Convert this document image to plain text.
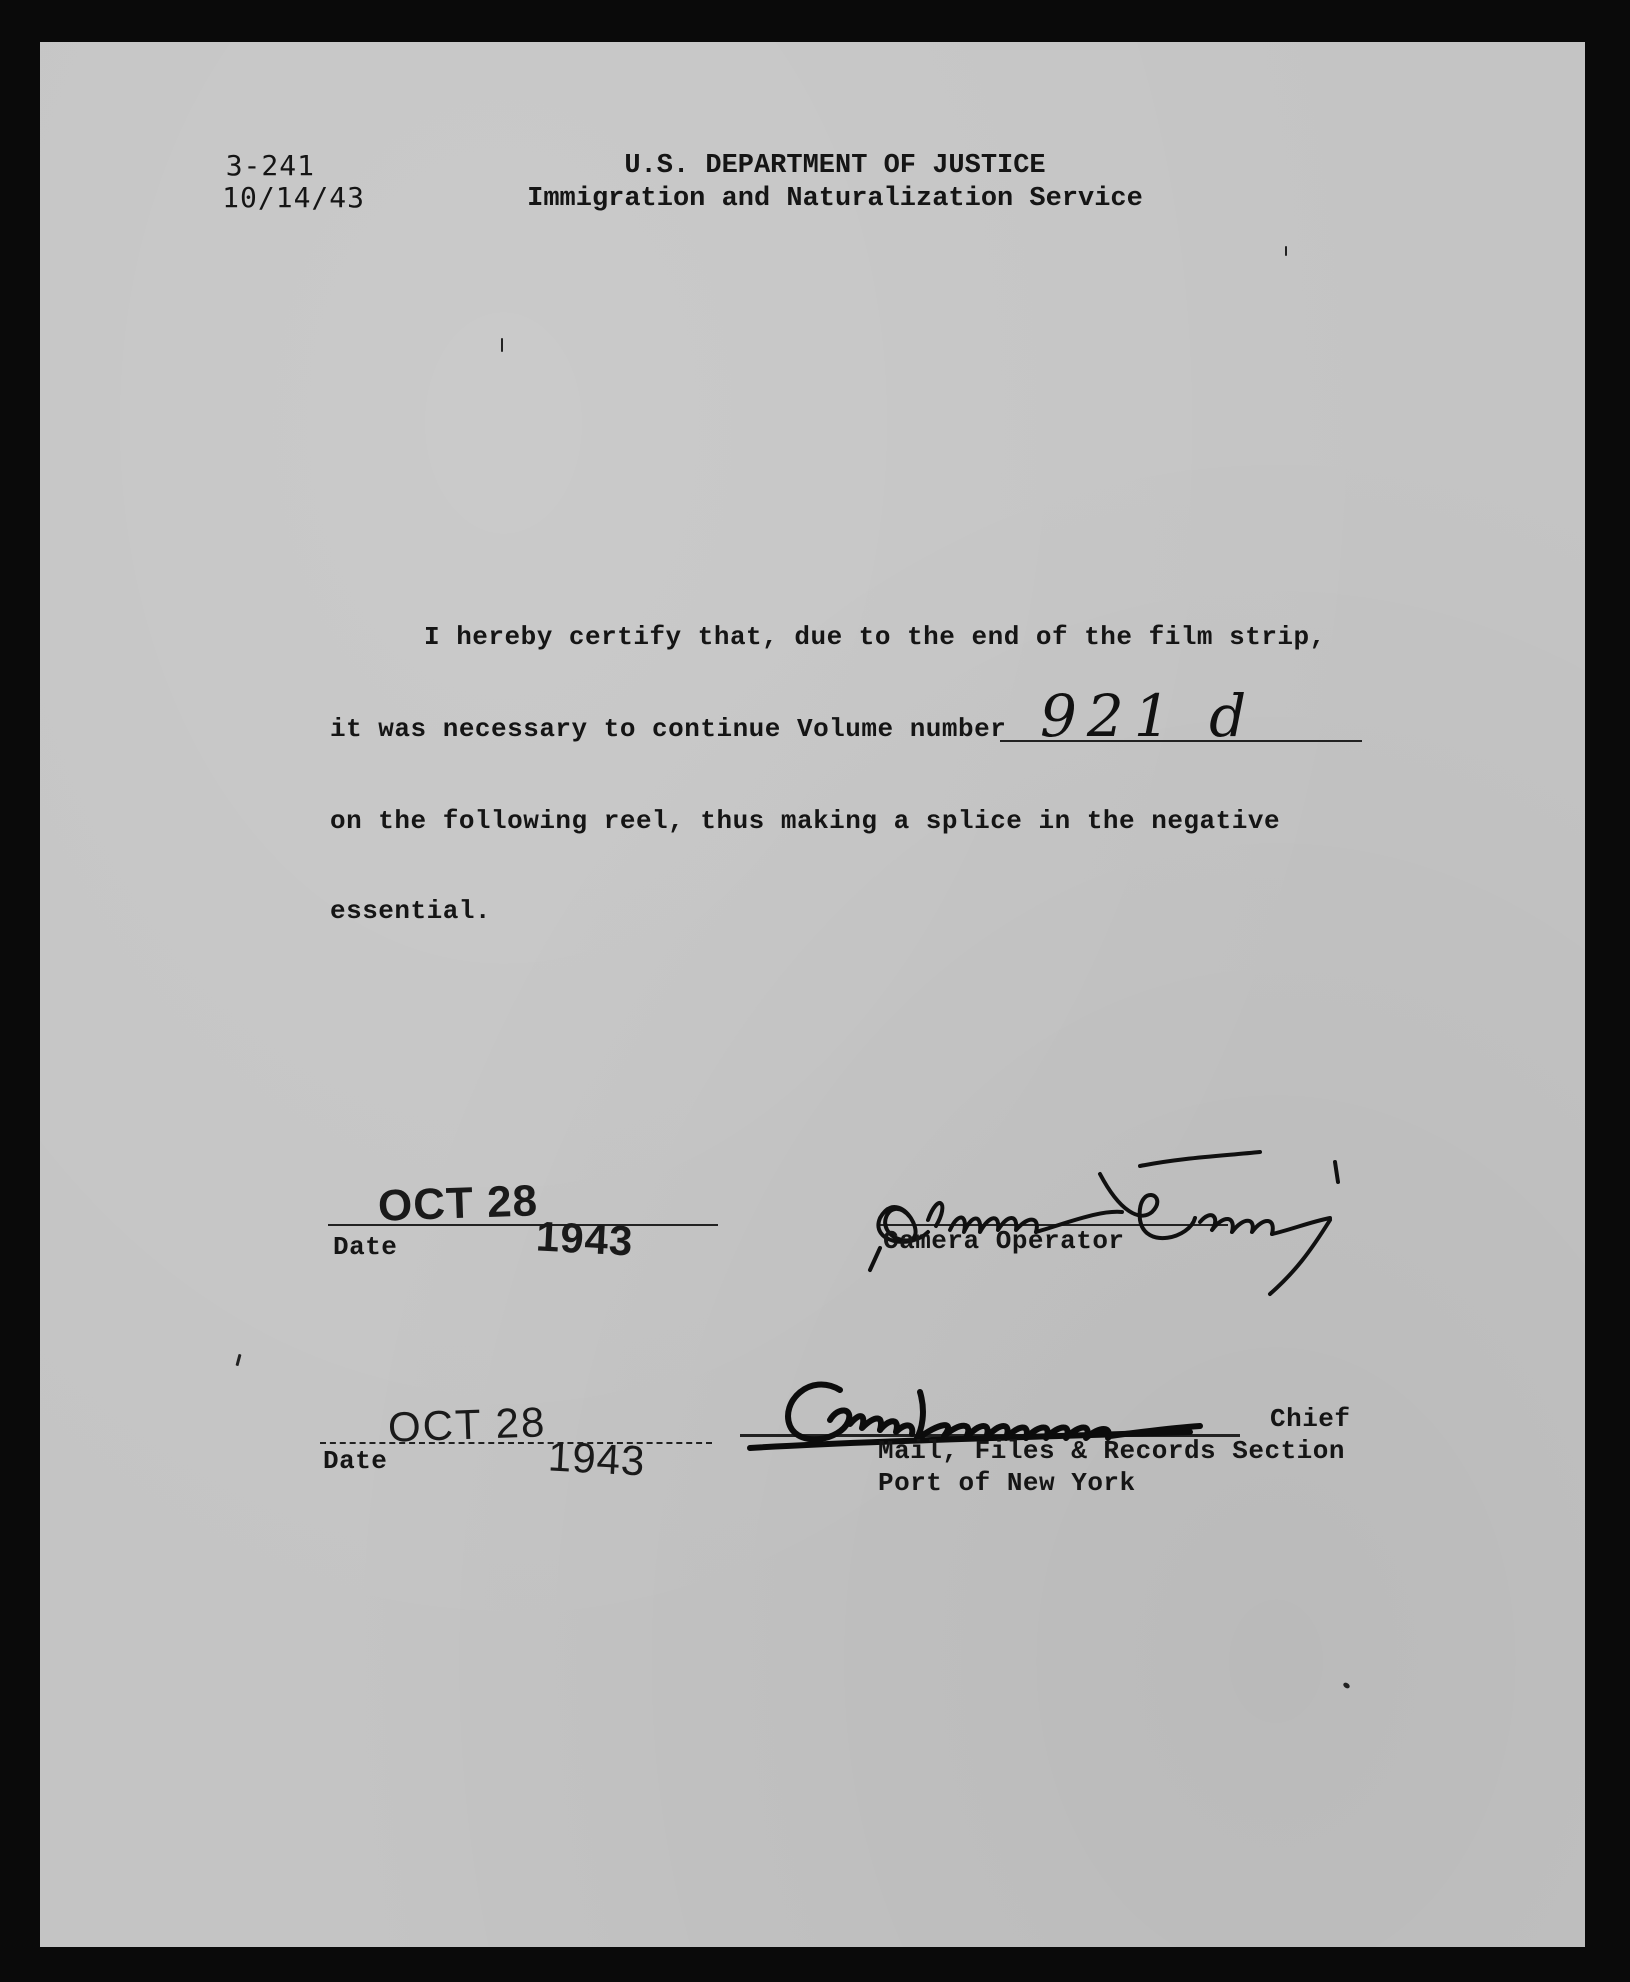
3-241
10/14/43
U.S. DEPARTMENT OF JUSTICE
Immigration and Naturalization Service
I hereby certify that, due to the end of the film strip,
it was necessary to continue Volume number 921 d
on the following reel, thus making a splice in the negative
essential.
Date
OCT 28
1943	Camera Operator
Date
OCT 28
1943
Chief
Mail, Files & Records Section
Port of New York
